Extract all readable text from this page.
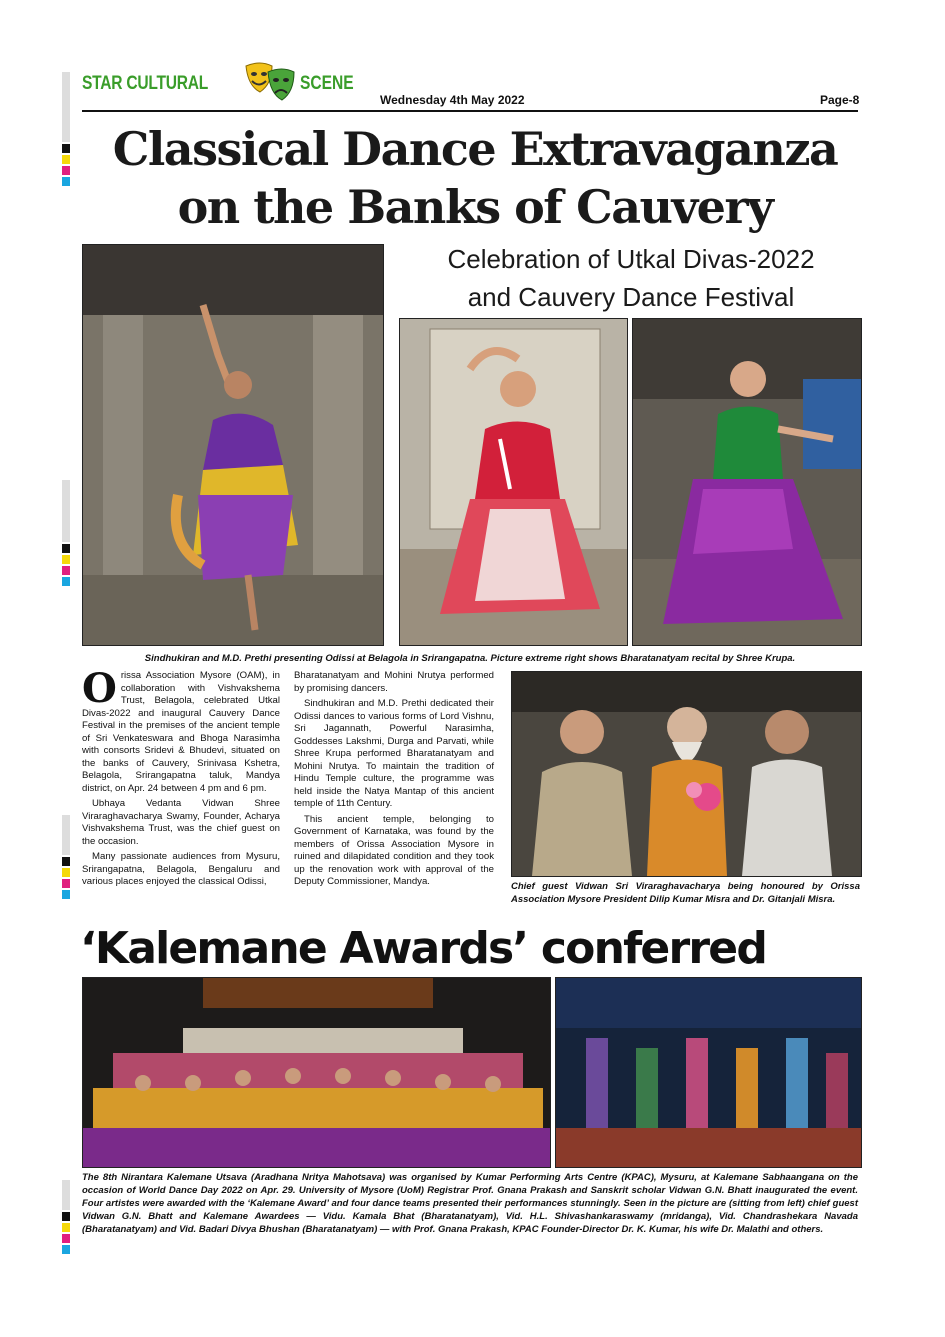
STAR CULTURAL	SCENE
Wednesday 4th May 2022	Page-8
Classical Dance Extravaganza
on the Banks of Cauvery
Celebration of Utkal Divas-2022
and Cauvery Dance Festival
Sindhukiran and M.D. Prethi presenting Odissi at Belagola in Srirangapatna. Picture extreme right shows Bharatanatyam recital by Shree Krupa.

Orissa Association Mysore (OAM), in collaboration with Vishvakshema Trust, Belagola, celebrated Utkal Divas-2022 and inaugural Cauvery Dance Festival in the premises of the ancient temple of Sri Venkateswara and Bhoga Narasimha with consorts Sridevi & Bhudevi, situated on the banks of Cauvery, Srinivasa Kshetra, Belagola, Srirangapatna taluk, Mandya district, on Apr. 24 between 4 pm and 6 pm.

Ubhaya Vedanta Vidwan Shree Viraraghavacharya Swamy, Founder, Acharya Vishvakshema Trust, was the chief guest on the occasion.

Many passionate audiences from Mysuru, Srirangapatna, Belagola, Bengaluru and various places enjoyed the classical Odissi,

Bharatanatyam and Mohini Nrutya performed by promising dancers.

Sindhukiran and M.D. Prethi dedicated their Odissi dances to various forms of Lord Vishnu, Sri Jagannath, Powerful Narasimha, Goddesses Lakshmi, Durga and Parvati, while Shree Krupa performed Bharatanatyam and Mohini Nrutya. To maintain the tradition of Hindu Temple culture, the programme was held inside the Natya Mantap of this ancient temple of 11th Century.

This ancient temple, belonging to Government of Karnataka, was found by the members of Orissa Association Mysore in ruined and dilapidated condition and they took up the renovation work with approval of the Deputy Commissioner, Mandya.	Chief guest Vidwan Sri Viraraghavacharya being honoured by Orissa Association Mysore President Dilip Kumar Misra and Dr. Gitanjali Misra.
‘Kalemane Awards’ conferred
The 8th Nirantara Kalemane Utsava (Aradhana Nritya Mahotsava) was organised by Kumar Performing Arts Centre (KPAC), Mysuru, at Kalemane Sabhaangana on the occasion of World Dance Day 2022 on Apr. 29. University of Mysore (UoM) Registrar Prof. Gnana Prakash and Sanskrit scholar Vidwan G.N. Bhatt inaugurated the event. Four artistes were awarded with the ‘Kalemane Award’ and four dance teams presented their performances stunningly. Seen in the picture are (sitting from left) chief guest Vidwan G.N. Bhatt and Kalemane Awardees — Vidu. Kamala Bhat (Bharatanatyam), Vid. H.L. Shivashankaraswamy (mridanga), Vid. Chandrashekara Navada (Bharatanatyam) and Vid. Badari Divya Bhushan (Bharatanatyam) — with Prof. Gnana Prakash, KPAC Founder-Director Dr. K. Kumar, his wife Dr. Malathi and others.
